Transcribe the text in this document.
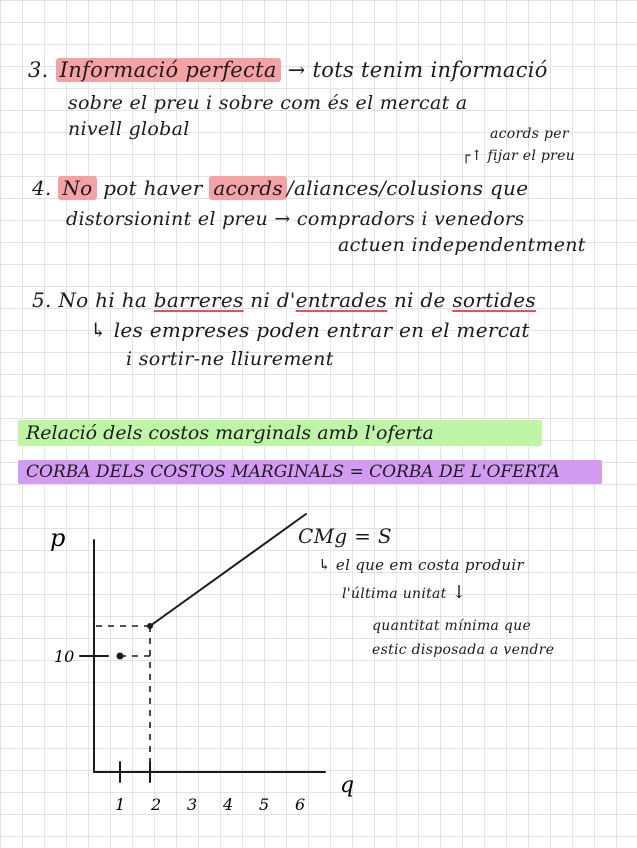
3. Informació perfecta → tots tenim informació
sobre el preu i sobre com és el mercat a
nivell global	acords per
┌↑ fijar el preu
4. No pot haver acords /aliances/colusions que
distorsionint el preu → compradors i venedors
actuen independentment
5. No hi ha barreres ni d'entrades ni de sortides
↳ les empreses poden entrar en el mercat
i sortir-ne lliurement
Relació dels costos marginals amb l'oferta
CORBA DELS COSTOS MARGINALS = CORBA DE L'OFERTA
p
q
10
1 2 3 4 5 6
CMg = S
↳ el que em costa produir
l'última unitat ↓
quantitat mínima que
estic disposada a vendre
